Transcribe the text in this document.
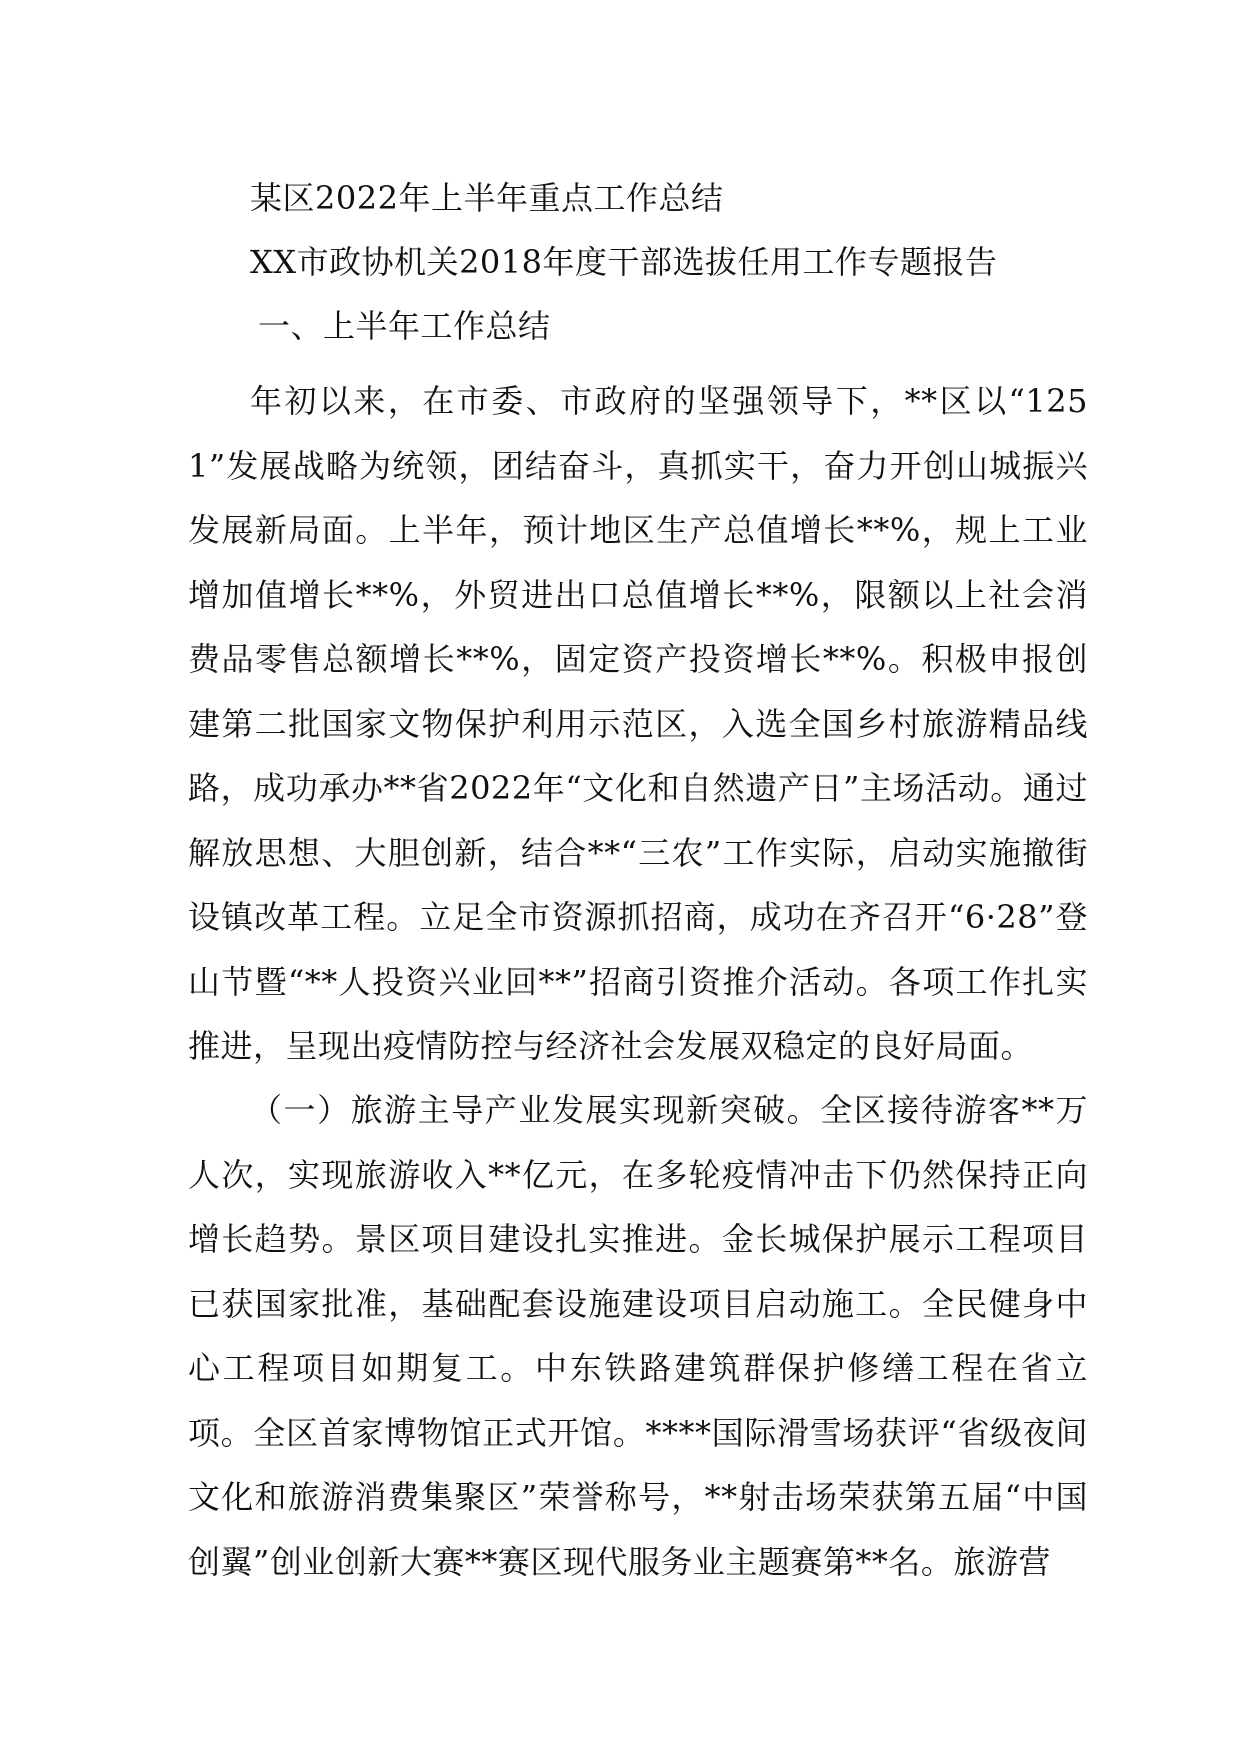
某区2022年上半年重点工作总结
XX市政协机关2018年度干部选拔任用工作专题报告
一、上半年工作总结

年初以来，在市委、市政府的坚强领导下，**区以“1251”发展战略为统领，团结奋斗，真抓实干，奋力开创山城振兴发展新局面。上半年，预计地区生产总值增长**%，规上工业增加值增长**%，外贸进出口总值增长**%，限额以上社会消费品零售总额增长**%，固定资产投资增长**%。积极申报创建第二批国家文物保护利用示范区，入选全国乡村旅游精品线路，成功承办**省2022年“文化和自然遗产日”主场活动。通过解放思想、大胆创新，结合**“三农”工作实际，启动实施撤街设镇改革工程。立足全市资源抓招商，成功在齐召开“6·28”登山节暨“**人投资兴业回**”招商引资推介活动。各项工作扎实推进，呈现出疫情防控与经济社会发展双稳定的良好局面。

（一）旅游主导产业发展实现新突破。全区接待游客**万人次，实现旅游收入**亿元，在多轮疫情冲击下仍然保持正向增长趋势。景区项目建设扎实推进。金长城保护展示工程项目已获国家批准，基础配套设施建设项目启动施工。全民健身中心工程项目如期复工。中东铁路建筑群保护修缮工程在省立项。全区首家博物馆正式开馆。****国际滑雪场获评“省级夜间文化和旅游消费集聚区”荣誉称号，**射击场荣获第五届“中国创翼”创业创新大赛**赛区现代服务业主题赛第**名。旅游营
